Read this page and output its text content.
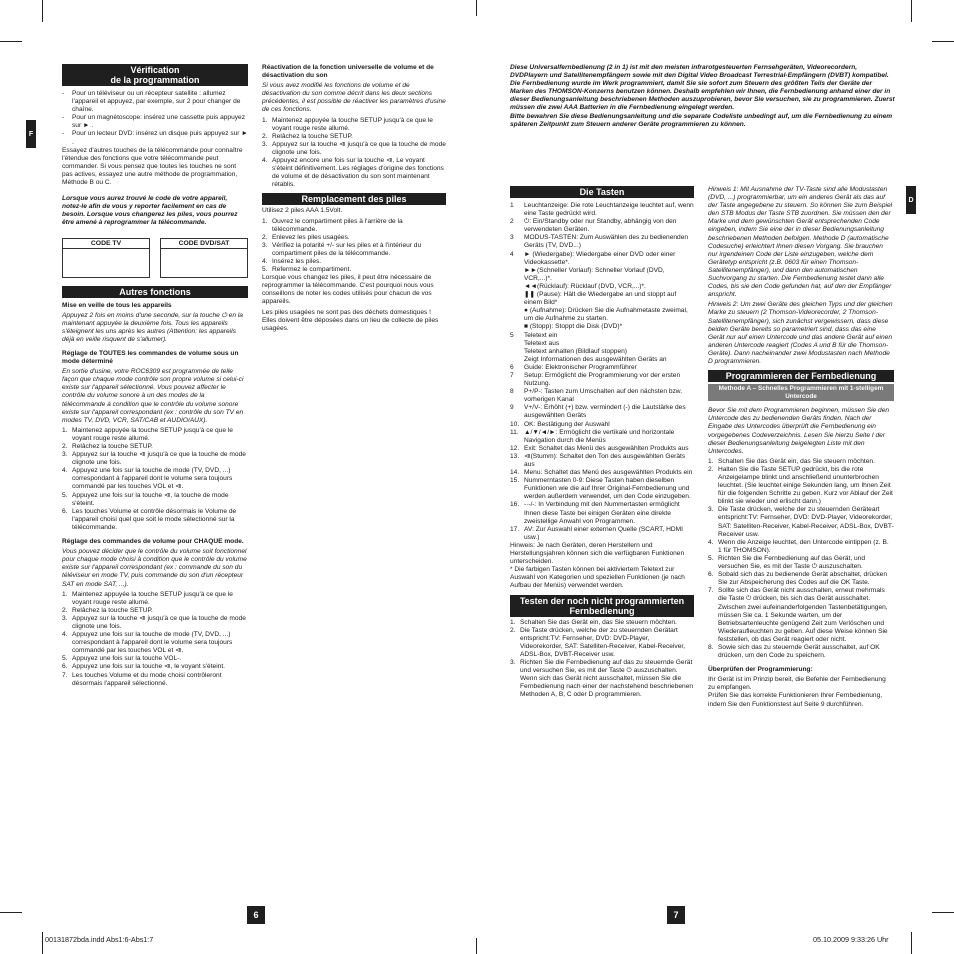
F
Vérification
de la programmation
-	Pour un téléviseur ou un récepteur satellite : allumez l'appareil et appuyez, par exemple, sur 2 pour changer de chaîne.
-	Pour un magnétoscope: insérez une cassette puis appuyez sur ► .
-	Pour un lecteur DVD: insérez un disque puis appuyez sur ► .

Essayez d'autres touches de la télécommande pour connaître l'étendue des fonctions que votre télécommande peut commander. Si vous pensez que toutes les touches ne sont pas actives, essayez une autre méthode de programmation, Méthode B ou C.

Lorsque vous aurez trouvé le code de votre appareil, notez-le afin de vous y reporter facilement en cas de besoin. Lorsque vous changerez les piles, vous pourrez être amené à reprogrammer la télécommande.

CODE TV	CODE DVD/SAT
Autres fonctions

Mise en veille de tous les appareils

Appuyez 2 fois en moins d'une seconde, sur la touche ⏻ en la maintenant appuyée la deuxième fois. Tous les appareils s'éteignent les uns après les autres (Attention: les appareils déjà en veille risquent de s'allumer).

Réglage de TOUTES les commandes de volume sous un mode déterminé

En sortie d'usine, votre ROC6309 est programmée de telle façon que chaque mode contrôle son propre volume si celui-ci existe sur l'appareil sélectionné. Vous pouvez affecter le contrôle du volume sonore à un des modes de la télécommande à condition que le contrôle du volume sonore existe sur l'appareil correspondant (ex : contrôle du son TV en modes TV, DVD, VCR, SAT/CAB et AUDIO/AUX).

1. Maintenez appuyée la touche SETUP jusqu'à ce que le voyant rouge reste allumé.
2. Relâchez la touche SETUP.
3. Appuyez sur la touche ⧏ jusqu'à ce que la touche de mode clignote une fois.
4. Appuyez une fois sur la touche de mode (TV, DVD, ...) correspondant à l'appareil dont le volume sera toujours commandé par les touches VOL et ⧏.
5. Appuyez une fois sur la touche ⧏, la touche de mode s'éteint.
6. Les touches Volume et contrôle désormais le Volume de l'appareil choisi quel que soit le mode sélectionné sur la télécommande.

Réglage des commandes de volume pour CHAQUE mode.

Vous pouvez décider que le contrôle du volume soit fonctionnel pour chaque mode choisi à condition que le contrôle du volume existe sur l'appareil correspondant (ex : commande du son du téléviseur en mode TV, puis commande du son d'un récepteur SAT en mode SAT, ...).

1. Maintenez appuyée la touche SETUP jusqu'à ce que le voyant rouge reste allumé.
2. Relâchez la touche SETUP.
3. Appuyez sur la touche ⧏ jusqu'à ce que la touche de mode clignote une fois.
4. Appuyez une fois sur la touche de mode (TV, DVD, ...) correspondant à l'appareil dont le volume sera toujours commandé par les touches VOL et ⧏.
5. Appuyez une fois sur la touche VOL-.
6. Appuyez une fois sur la touche ⧏, le voyant s'éteint.
7. Les touches Volume et du mode choisi contrôleront désormais l'appareil sélectionné.

Réactivation de la fonction universelle de volume et de désactivation du son

Si vous avez modifié les fonctions de volume et de désactivation du son comme décrit dans les deux sections précédentes, il est possible de réactiver les paramètres d'usine de ces fonctions.

1. Maintenez appuyée la touche SETUP jusqu'à ce que le voyant rouge reste allumé.
2. Relâchez la touche SETUP.
3. Appuyez sur la touche ⧏ jusqu'à ce que la touche de mode clignote une fois.
4. Appuyez encore une fois sur la touche ⧏. Le voyant s'éteint définitivement. Les réglages d'origine des fonctions de volume et de désactivation du son sont maintenant rétablis.
Remplacement des piles

Utilisez 2 piles AAA 1.5Volt.

1. Ouvrez le compartiment piles à l'arrière de la télécommande.
2. Enlevez les piles usagées.
3. Vérifiez la polarité +/- sur les piles et à l'intérieur du compartiment piles de la télécommande.
4. Insérez les piles.
5. Refermez le compartiment.

Lorsque vous changez les piles, il peut être nécessaire de reprogrammer la télécommande. C'est pourquoi nous vous conseillons de noter les codes utilisés pour chacun de vos appareils.

Les piles usagées ne sont pas des déchets domestiques ! Elles doivent être déposées dans un lieu de collecte de piles usagées.

6
00131872bda.indd Abs1:6-Abs1:7
D

Diese Universalfernbedienung (2 in 1) ist mit den meisten infrarotgesteuerten Fernsehgeräten, Videorecordern, DVDPlayern und Satellitenempfängern sowie mit den Digital Video Broadcast Terrestrial-Empfängern (DVBT) kompatibel.
Die Fernbedienung wurde im Werk programmiert, damit Sie sie sofort zum Steuern des größten Teils der Geräte der
Marken des THOMSON-Konzerns benutzen können. Deshalb empfehlen wir Ihnen, die Fernbedienung anhand einer der in dieser Bedienungsanleitung beschriebenen Methoden auszuprobieren, bevor Sie versuchen, sie zu programmieren. Zuerst müssen die zwei AAA Batterien in die Fernbedienung eingelegt werden.
Bitte bewahren Sie diese Bedienungsanleitung und die separate Codeliste unbedingt auf, um die Fernbedienung zu einem späteren Zeitpunkt zum Steuern anderer Geräte programmieren zu können.

Die Tasten
1	Leuchtanzeige: Die rote Leuchtanzeige leuchtet auf, wenn eine Taste gedrückt wird.
2	⏻: Ein/Standby oder nur Standby, abhängig von den verwendeten Geräten.
3	MODUS-TASTEN: Zum Auswählen des zu bedienenden Geräts (TV, DVD...)
4	► (Wiedergabe): Wiedergabe einer DVD oder einer Videokassette*.
►►(Schneller Vorlauf): Schneller Vorlauf (DVD, VCR,...)*.
◄◄(Rücklauf): Rücklauf (DVD, VCR,...)*.
❚❚ (Pause): Hält die Wiedergabe an und stoppt auf einem Bild*
● (Aufnahme): Drücken Sie die Aufnahmetaste zweimal, um die Aufnahme zu starten.
■ (Stopp): Stoppt die Disk (DVD)*
5	Teletext ein
Teletext aus
Teletext anhalten (Bildlauf stoppen)
Zeigt Informationen des ausgewählten Geräts an
6	Guide: Elektronischer Programmführer
7	Setup: Ermöglicht die Programmierung vor der ersten Nutzung.
8	P+/P-: Tasten zum Umschalten auf den nächsten bzw. vorherigen Kanal
9	V+/V-: Erhöht (+) bzw. vermindert (-) die Lautstärke des ausgewählten Geräts
10. OK: Bestätigung der Auswahl
11. ▲/▼/◄/►: Ermöglicht die vertikale und horizontale Navigation durch die Menüs
12. Exit: Schaltet das Menü des ausgewählten Produkts aus
13. ⧏(Stumm): Schaltet den Ton des ausgewählten Geräts aus
14. Menu: Schaltet das Menü des ausgewählten Produkts ein
15. Nummerntasten 0-9: Diese Tasten haben dieselben Funktionen wie die auf Ihrer Original-Fernbedienung und werden außerdem verwendet, um den Code einzugeben.
16. -·-/-: In Verbindung mit den Nummertasten ermöglicht Ihnen diese Taste bei einigen Geräten eine direkte zweistellige Anwahl von Programmen.
17. AV: Zur Auswahl einer externen Quelle (SCART, HDMI usw.)

Hinweis: Je nach Geräten, deren Herstellern und Herstellungsjahren können sich die verfügbaren Funktionen unterscheiden.
* Die farbigen Tasten können bei aktiviertem Teletext zur Auswahl von Kategorien und speziellen Funktionen (je nach Aufbau der Menüs) verwendet werden.

Testen der noch nicht programmierten Fernbedienung
1. Schalten Sie das Gerät ein, das Sie steuern möchten.
2. Die Taste drücken, welche der zu steuernden Gerätart entspricht:TV: Fernseher, DVD: DVD-Player, Videorekorder, SAT: Satelliten-Receiver, Kabel-Receiver, ADSL-Box, DVBT-Receiver usw.
3. Richten Sie die Fernbedienung auf das zu steuernde Gerät und versuchen Sie, es mit der Taste ⏻ auszuschalten. Wenn sich das Gerät nicht ausschaltet, müssen Sie die Fernbedienung nach einer der nachstehend beschriebenen Methoden A, B, C oder D programmieren.

Hinweis 1: Mit Ausnahme der TV-Taste sind alle Modustasten (DVD, ...) programmierbar, um ein anderes Gerät als das auf der Taste angegebene zu steuern. So können Sie zum Beispiel den STB Modus der Taste STB zuordnen. Sie müssen den der Marke und dem gewünschten Gerät entsprechenden Code eingeben, indem Sie eine der in dieser Bedienungsanleitung beschriebenen Methoden befolgen. Methode D (automatische Codesuche) erleichtert Ihnen diesen Vorgang. Sie brauchen nur irgendeinen Code der Liste einzugeben, welche dem Gerätetyp entspricht (z.B. 0603 für einen Thomson-Satellitenempfänger), und dann den automatischen Suchvorgang zu starten. Die Fernbedienung testet dann alle Codes, bis sie den Code gefunden hat, auf den der Empfänger anspricht.

Hinweis 2: Um zwei Geräte des gleichen Typs und der gleichen Marke zu steuern (2 Thomson-Videorecorder, 2 Thomson-Satellitenempfänger), sich zunächst vergewissern, dass diese beiden Geräte bereits so parametriert sind, dass das eine Gerät nur auf einen Untercode und das andere Gerät auf einen anderen Untercode reagiert (Codes A und B für die Thomson-Geräte). Dann nacheinander zwei Modustasten nach Methode D programmieren.

Programmieren der Fernbedienung
Methode A – Schnelles Programmieren mit 1-stelligem Untercode

Bevor Sie mit dem Programmieren beginnen, müssen Sie den Untercode des zu bedienenden Geräts finden. Nach der Eingabe des Untercodes überprüft die Fernbedienung ein vorgegebenes Codeverzeichnis. Lesen Sie hierzu Seite I der dieser Bedienungsanleitung beigelegten Liste mit den Untercodes.

1. Schalten Sie das Gerät ein, das Sie steuern möchten.
2. Halten Sie die Taste SETUP gedrückt, bis die rote Anzeigelampe blinkt und anschließend ununterbrochen leuchtet. (Sie leuchtet einige Sekunden lang, um Ihnen Zeit für die folgenden Schritte zu geben. Kurz vor Ablauf der Zeit blinkt sie wieder und erlischt dann.)
3. Die Taste drücken, welche der zu steuernden Geräteart entspricht:TV: Fernseher, DVD: DVD-Player, Videorekorder, SAT: Satelliten-Receiver, Kabel-Receiver, ADSL-Box, DVBT-Receiver usw.
4. Wenn die Anzeige leuchtet, den Untercode eintippen (z. B. 1 für THOMSON).
5. Richten Sie die Fernbedienung auf das Gerät, und versuchen Sie, es mit der Taste ⏻ auszuschalten.
6. Sobald sich das zu bedienende Gerät abschaltet, drücken Sie zur Abspeicherung des Codes auf die OK Taste.
7. Sollte sich das Gerät nicht ausschalten, erneut mehrmals die Taste ⏻ drücken, bis sich das Gerät ausschaltet. Zwischen zwei aufeinanderfolgenden Tastenbetätigungen, müssen Sie ca. 1 Sekunde warten, um der Betriebsartenleuchte genügend Zeit zum Verlöschen und Wiederaufleuchten zu geben. Auf diese Weise können Sie feststellen, ob das Gerät reagiert oder nicht.
8. Sowie sich das zu steuernde Gerät ausschaltet, auf OK drücken, um den Code zu speichern.

Überprüfen der Programmierung:

Ihr Gerät ist im Prinzip bereit, die Befehle der Fernbedienung zu empfangen.
Prüfen Sie das korrekte Funktionieren Ihrer Fernbedienung, indem Sie den Funktionstest auf Seite 9 durchführen.

7
05.10.2009 9:33:26 Uhr
